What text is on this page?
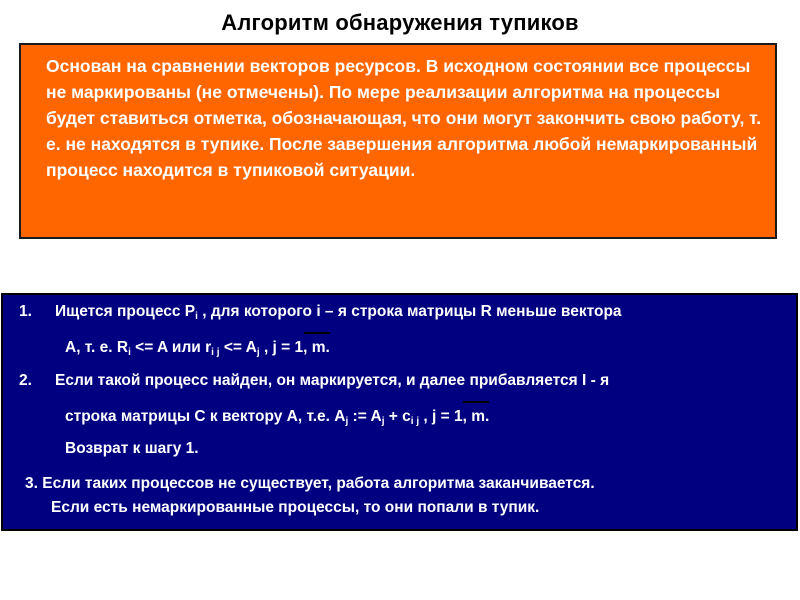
Алгоритм обнаружения тупиков
Основан на сравнении векторов ресурсов. В исходном состоянии все процессы не маркированы (не отмечены). По мере реализации алгоритма на процессы будет ставиться отметка, обозначающая, что они могут закончить свою работу, т. е. не находятся в тупике. После завершения алгоритма любой немаркированный процесс находится в тупиковой ситуации.
1. Ищется процесс $P_i$ , для которого i – я строка матрицы R меньше вектора
A, т. е. $R_i <= A$ или $r_{i j} <= A_j$ , j = 1, m.
2. Если такой процесс найден, он маркируется, и далее прибавляется I - я
строка матрицы С к вектору А, т.е. $A_j$ := $A_j + c_{i j}$ , j = 1, m.
Возврат к шагу 1.
3. Если таких процессов не существует, работа алгоритма заканчивается.
Если есть немаркированные процессы, то они попали в тупик.
